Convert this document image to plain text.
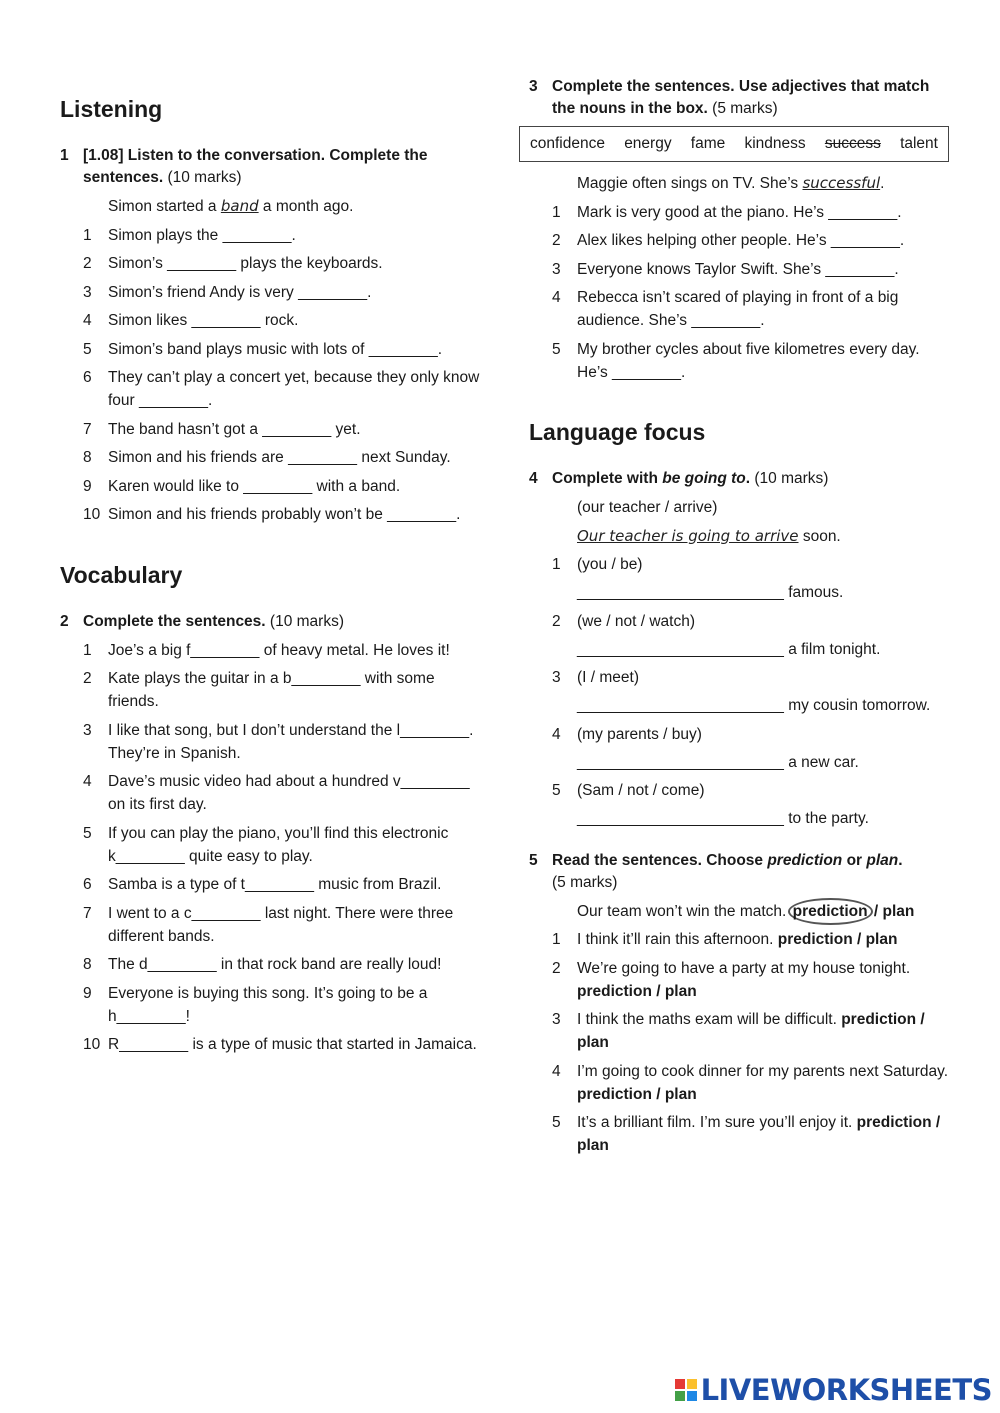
Listening
1 [1.08] Listen to the conversation. Complete the sentences. (10 marks)
Simon started a band a month ago.
1 Simon plays the ________.
2 Simon’s ________ plays the keyboards.
3 Simon’s friend Andy is very ________.
4 Simon likes ________ rock.
5 Simon’s band plays music with lots of ________.
6 They can’t play a concert yet, because they only know four ________.
7 The band hasn’t got a ________ yet.
8 Simon and his friends are ________ next Sunday.
9 Karen would like to ________ with a band.
10 Simon and his friends probably won’t be ________.
Vocabulary
2 Complete the sentences. (10 marks)
1 Joe’s a big f________ of heavy metal. He loves it!
2 Kate plays the guitar in a b________ with some friends.
3 I like that song, but I don’t understand the l________. They’re in Spanish.
4 Dave’s music video had about a hundred v________ on its first day.
5 If you can play the piano, you’ll find this electronic k________ quite easy to play.
6 Samba is a type of t________ music from Brazil.
7 I went to a c________ last night. There were three different bands.
8 The d________ in that rock band are really loud!
9 Everyone is buying this song. It’s going to be a h________!
10 R________ is a type of music that started in Jamaica.
3 Complete the sentences. Use adjectives that match the nouns in the box. (5 marks)
confidence energy fame kindness success talent
Maggie often sings on TV. She’s successful.
1 Mark is very good at the piano. He’s ________.
2 Alex likes helping other people. He’s ________.
3 Everyone knows Taylor Swift. She’s ________.
4 Rebecca isn’t scared of playing in front of a big audience. She’s ________.
5 My brother cycles about five kilometres every day. He’s ________.
Language focus
4 Complete with be going to. (10 marks)
(our teacher / arrive)
Our teacher is going to arrive soon.
1 (you / be)
________________________ famous.
2 (we / not / watch)
________________________ a film tonight.
3 (I / meet)
________________________ my cousin tomorrow.
4 (my parents / buy)
________________________ a new car.
5 (Sam / not / come)
________________________ to the party.
5 Read the sentences. Choose prediction or plan.
(5 marks)
Our team won’t win the match. prediction / plan
1 I think it’ll rain this afternoon. prediction / plan
2 We’re going to have a party at my house tonight. prediction / plan
3 I think the maths exam will be difficult. prediction / plan
4 I’m going to cook dinner for my parents next Saturday. prediction / plan
5 It’s a brilliant film. I’m sure you’ll enjoy it. prediction / plan
LIVEWORKSHEETS
